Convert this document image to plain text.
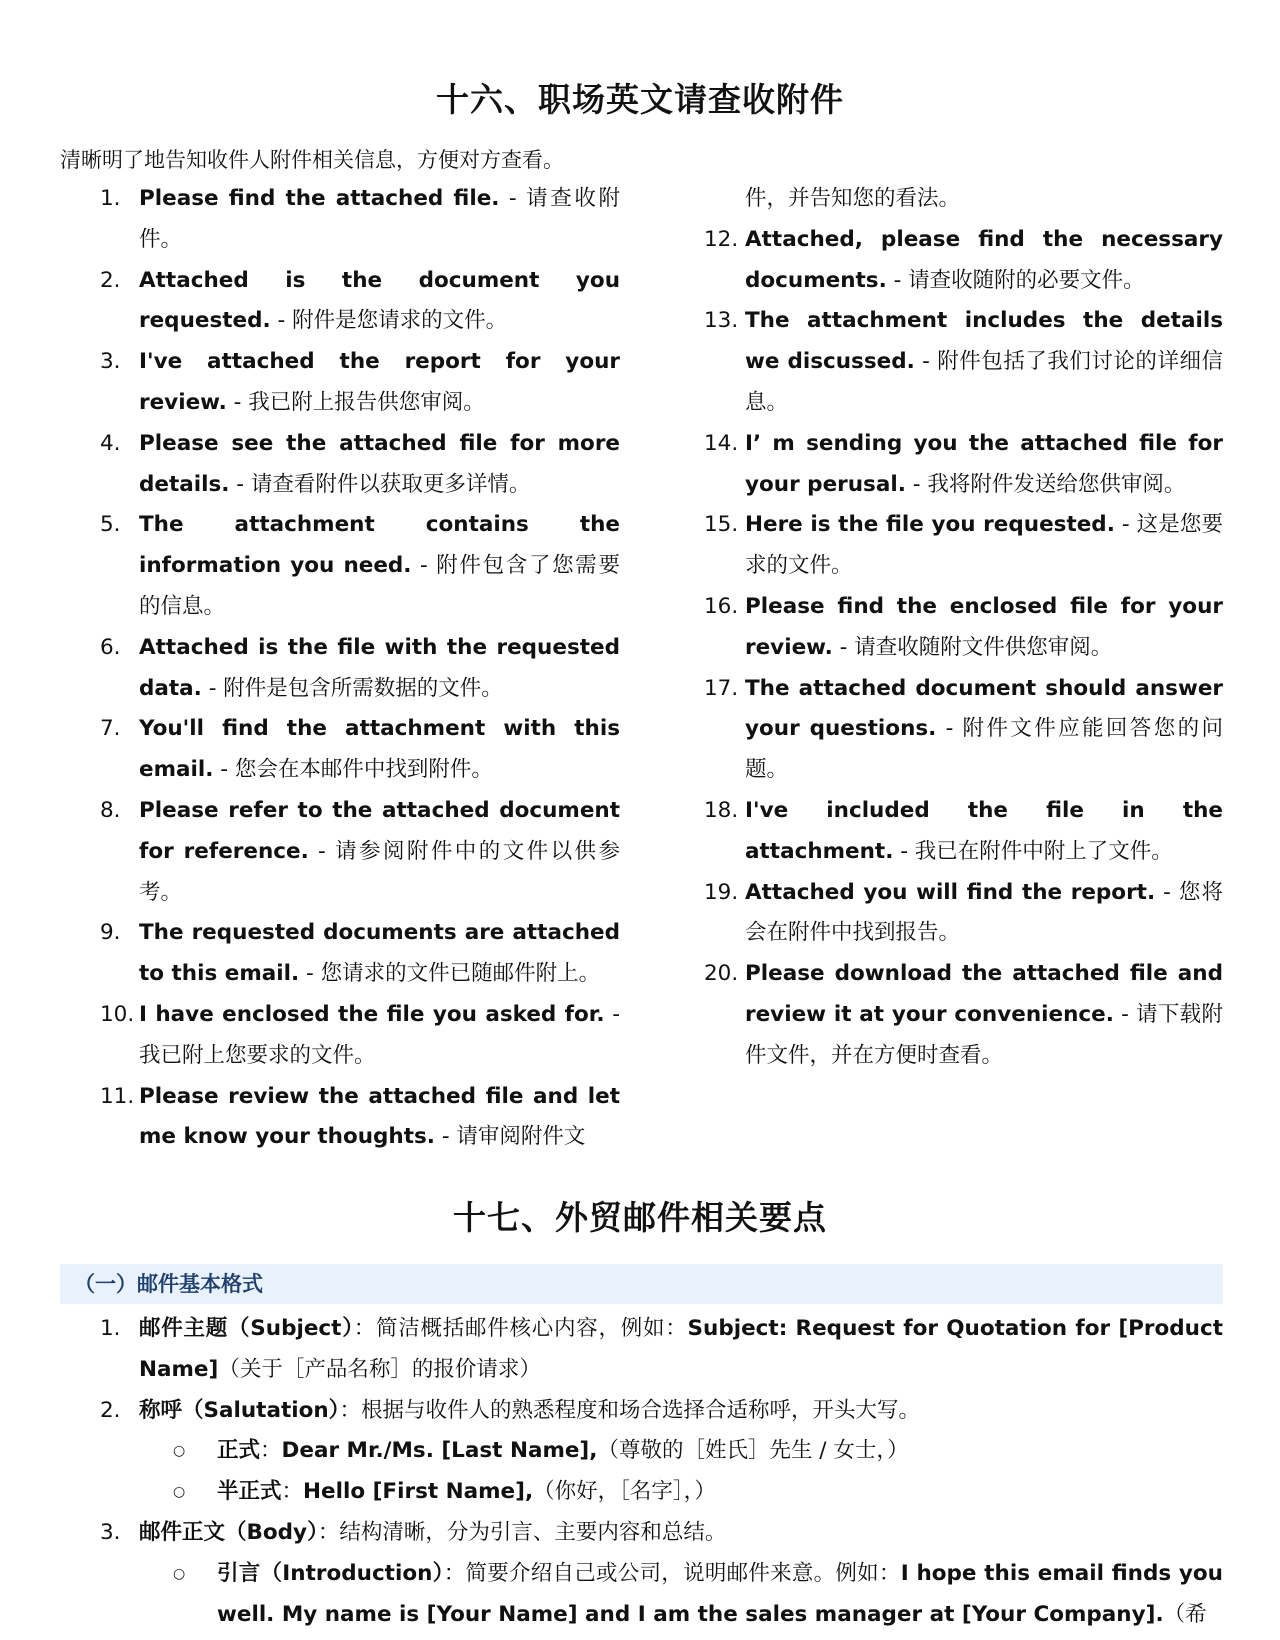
十六、职场英文请查收附件
清晰明了地告知收件人附件相关信息，方便对方查看。
1. Please find the attached file. - 请查收附件。
2. Attached is the document you requested. - 附件是您请求的文件。
3. I've attached the report for your review. - 我已附上报告供您审阅。
4. Please see the attached file for more details. - 请查看附件以获取更多详情。
5. The attachment contains the information you need. - 附件包含了您需要的信息。
6. Attached is the file with the requested data. - 附件是包含所需数据的文件。
7. You'll find the attachment with this email. - 您会在本邮件中找到附件。
8. Please refer to the attached document for reference. - 请参阅附件中的文件以供参考。
9. The requested documents are attached to this email. - 您请求的文件已随邮件附上。
10. I have enclosed the file you asked for. - 我已附上您要求的文件。
11. Please review the attached file and let me know your thoughts. - 请审阅附件文
件，并告知您的看法。
12. Attached, please find the necessary documents. - 请查收随附的必要文件。
13. The attachment includes the details we discussed. - 附件包括了我们讨论的详细信息。
14. I’ m sending you the attached file for your perusal. - 我将附件发送给您供审阅。
15. Here is the file you requested. - 这是您要求的文件。
16. Please find the enclosed file for your review. - 请查收随附文件供您审阅。
17. The attached document should answer your questions. - 附件文件应能回答您的问题。
18. I've included the file in the attachment. - 我已在附件中附上了文件。
19. Attached you will find the report. - 您将会在附件中找到报告。
20. Please download the attached file and review it at your convenience. - 请下载附件文件，并在方便时查看。
十七、外贸邮件相关要点
（一）邮件基本格式
1. 邮件主题（Subject）：简洁概括邮件核心内容，例如：Subject: Request for Quotation for [Product Name]（关于［产品名称］的报价请求）
2. 称呼（Salutation）：根据与收件人的熟悉程度和场合选择合适称呼，开头大写。
○	正式：Dear Mr./Ms. [Last Name],（尊敬的［姓氏］先生 / 女士，）
○	半正式：Hello [First Name],（你好，［名字］，）
3. 邮件正文（Body）：结构清晰，分为引言、主要内容和总结。
○	引言（Introduction）：简要介绍自己或公司，说明邮件来意。例如：I hope this email finds you well. My name is [Your Name] and I am the sales manager at [Your Company].（希
